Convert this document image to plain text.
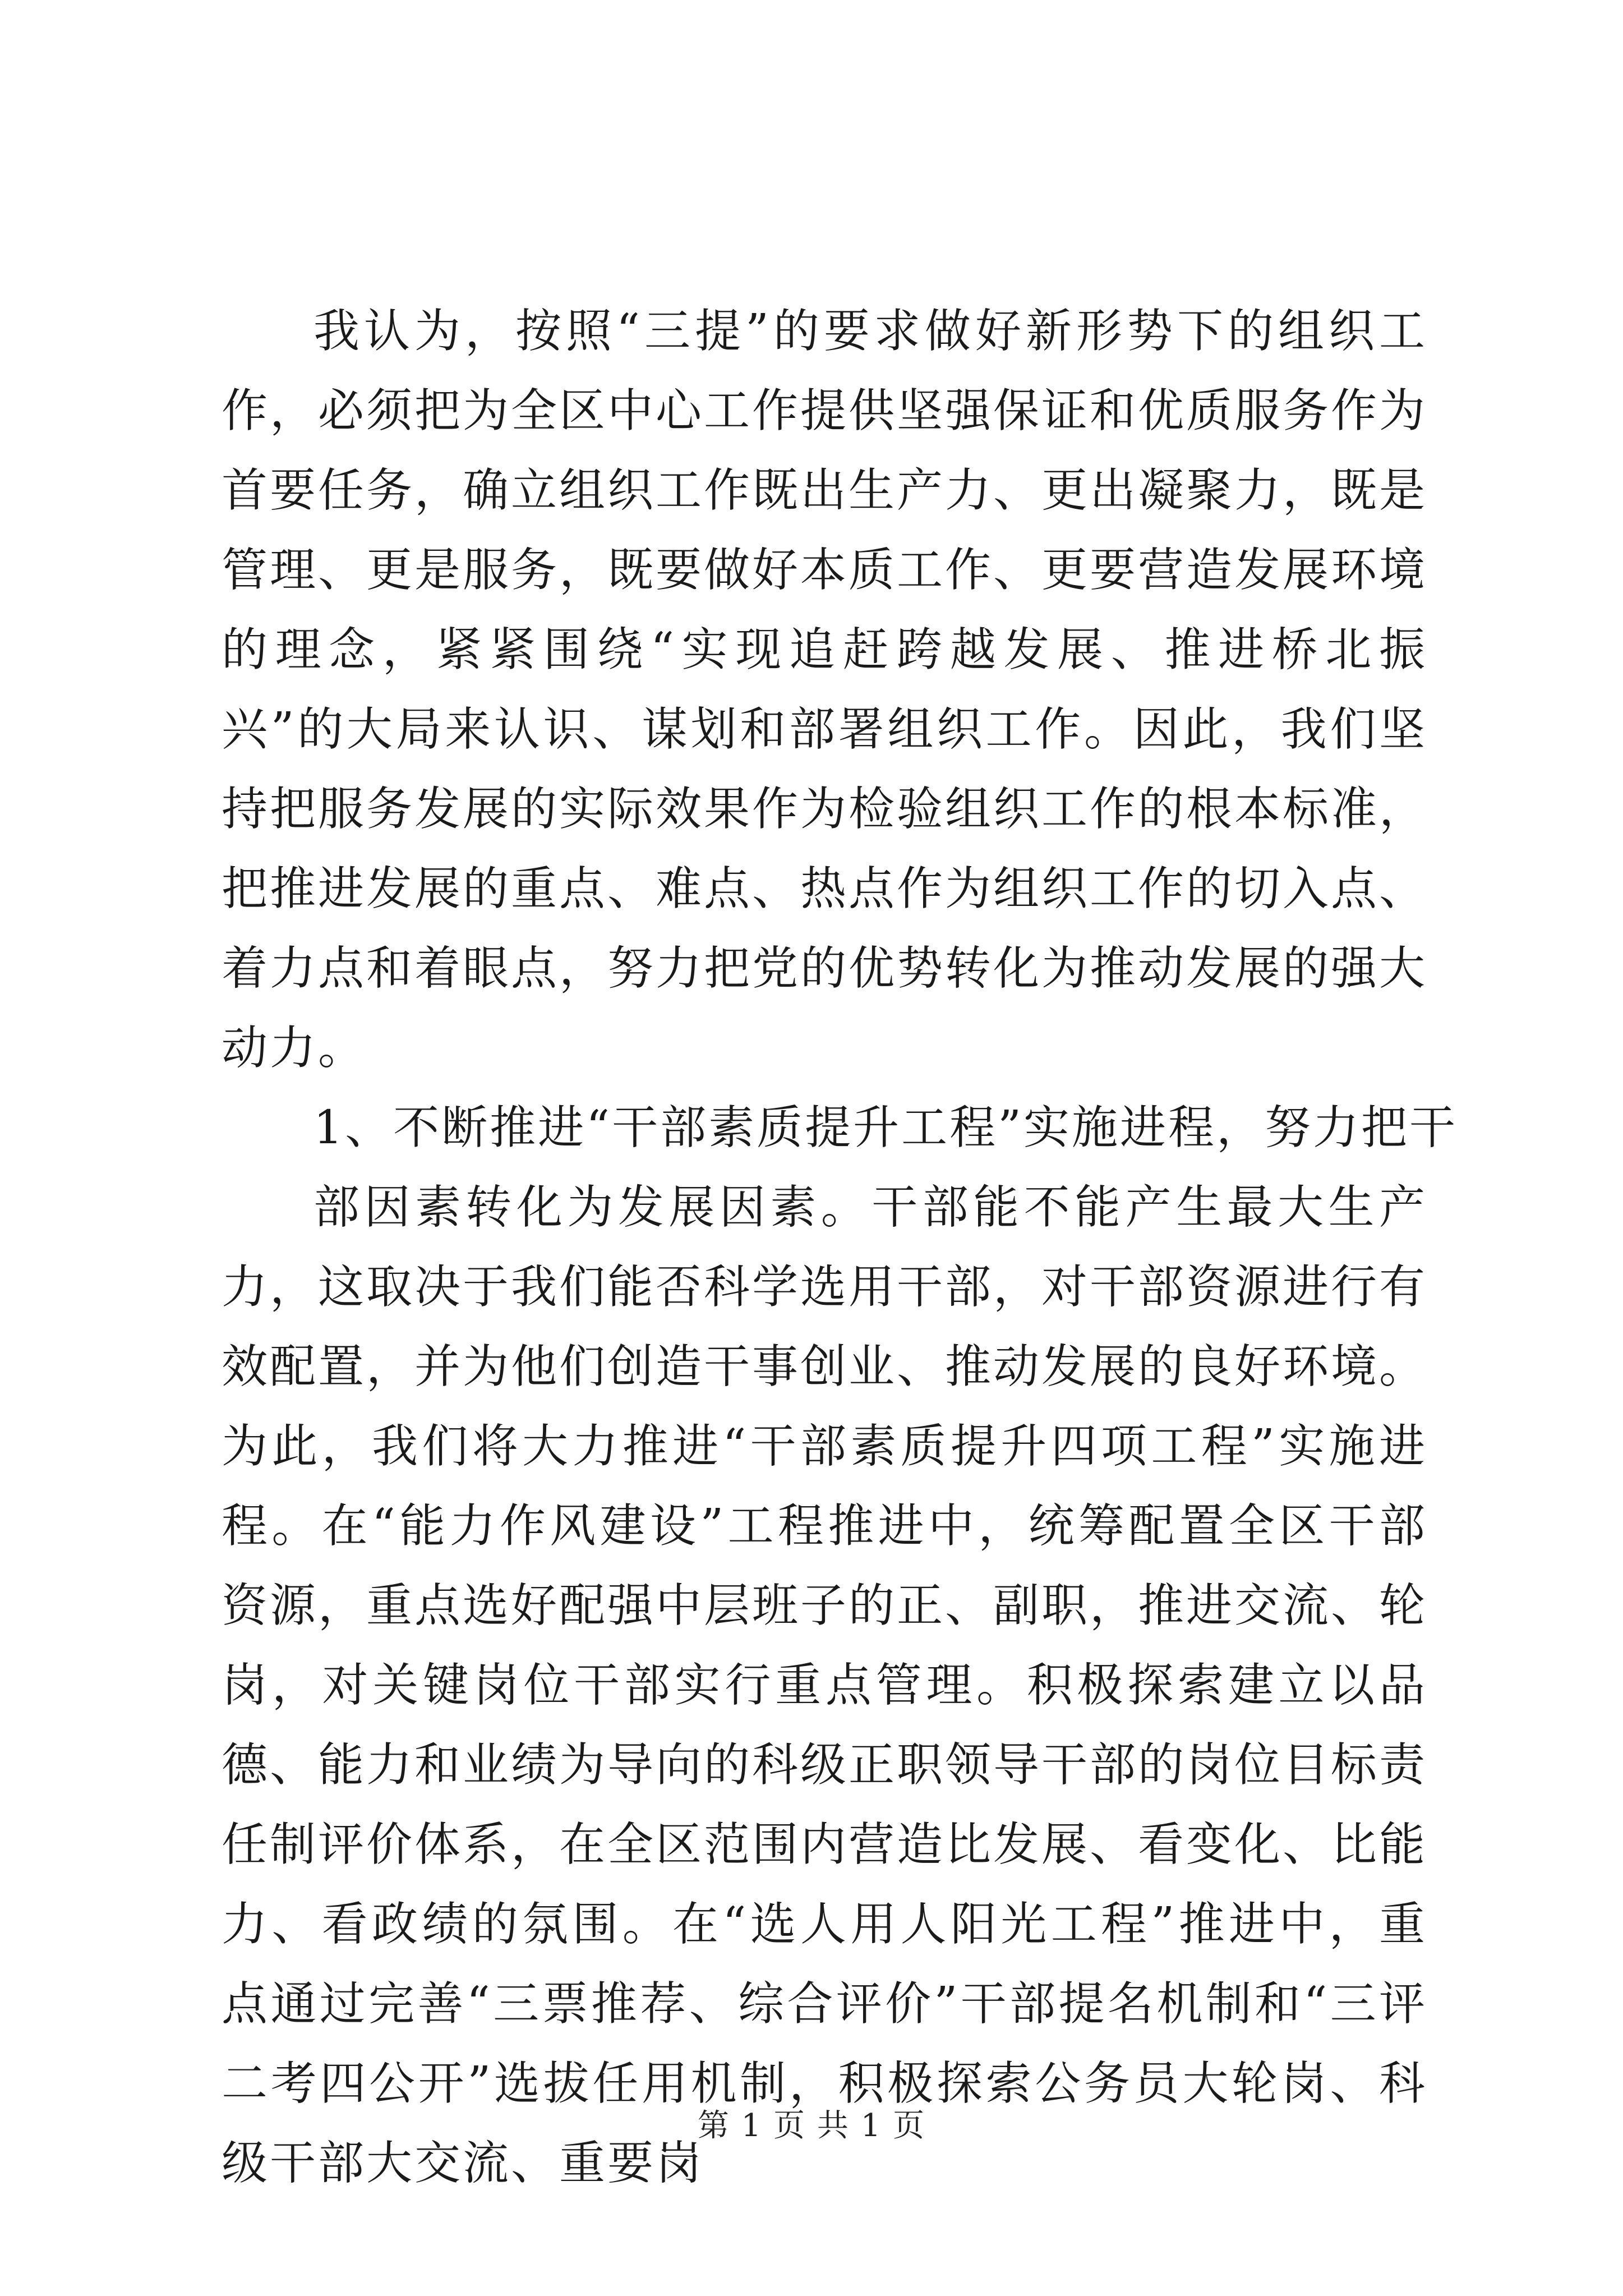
我认为，按照“三提”的要求做好新形势下的组织工作，必须把为全区中心工作提供坚强保证和优质服务作为首要任务，确立组织工作既出生产力、更出凝聚力，既是管理、更是服务，既要做好本质工作、更要营造发展环境的理念，紧紧围绕“实现追赶跨越发展、推进桥北振兴”的大局来认识、谋划和部署组织工作。因此，我们坚持把服务发展的实际效果作为检验组织工作的根本标准，把推进发展的重点、难点、热点作为组织工作的切入点、着力点和着眼点，努力把党的优势转化为推动发展的强大动力。

1、不断推进“干部素质提升工程”实施进程，努力把干

部因素转化为发展因素。干部能不能产生最大生产力，这取决于我们能否科学选用干部，对干部资源进行有效配置，并为他们创造干事创业、推动发展的良好环境。为此，我们将大力推进“干部素质提升四项工程”实施进程。在“能力作风建设”工程推进中，统筹配置全区干部资源，重点选好配强中层班子的正、副职，推进交流、轮岗，对关键岗位干部实行重点管理。积极探索建立以品德、能力和业绩为导向的科级正职领导干部的岗位目标责任制评价体系，在全区范围内营造比发展、看变化、比能力、看政绩的氛围。在“选人用人阳光工程”推进中，重点通过完善“三票推荐、综合评价”干部提名机制和“三评二考四公开”选拔任用机制，积极探索公务员大轮岗、科级干部大交流、重要岗

第 1 页 共 1 页
